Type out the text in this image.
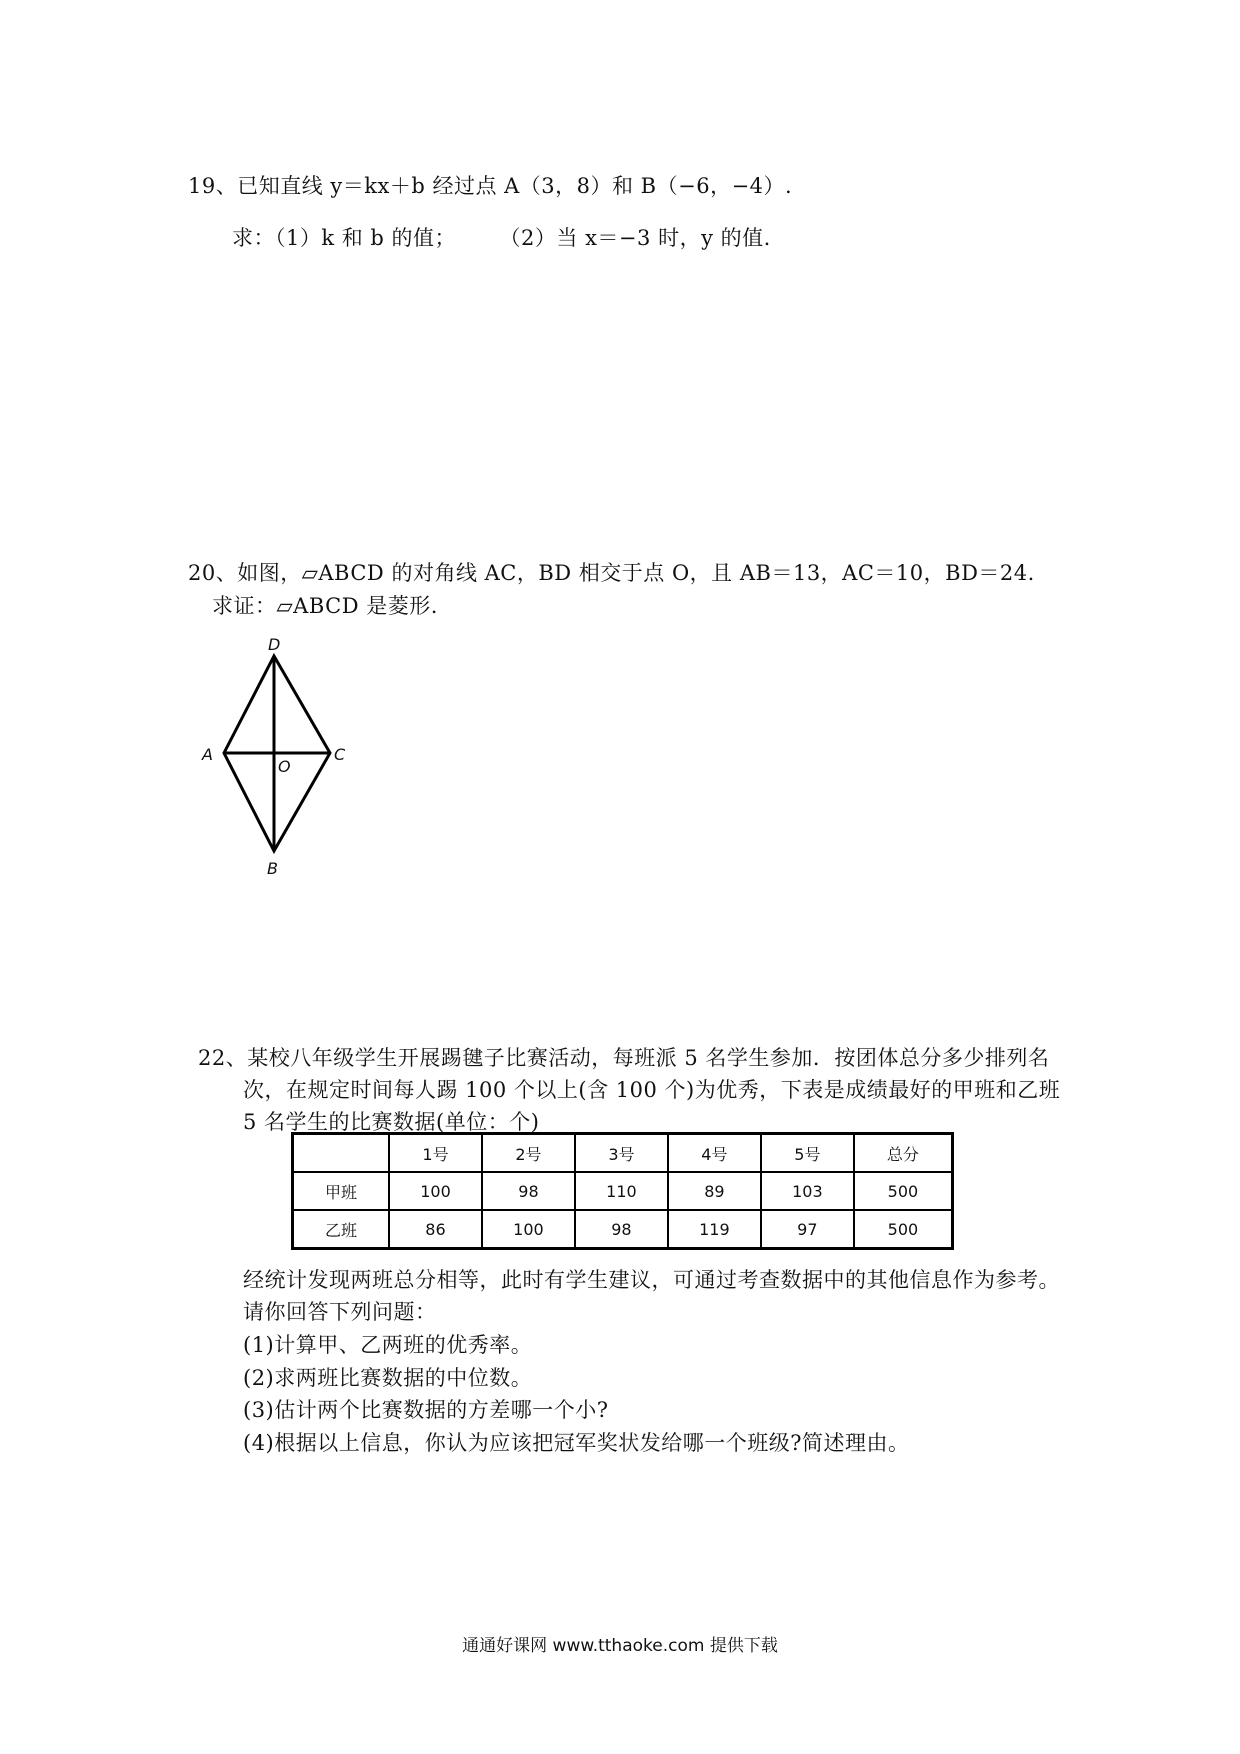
19、已知直线 y＝kx＋b 经过点 A（3，8）和 B（−6，−4）.
求：（1）k 和 b 的值；　　　（2）当 x＝−3 时，y 的值.
20、如图，▱ABCD 的对角线 AC，BD 相交于点 O，且 AB＝13，AC＝10，BD＝24.
求证：▱ABCD 是菱形.
D
A
O
C
B
22、某校八年级学生开展踢毽子比赛活动，每班派 5 名学生参加．按团体总分多少排列名
次，在规定时间每人踢 100 个以上(含 100 个)为优秀，下表是成绩最好的甲班和乙班
5 名学生的比赛数据(单位：个)
	1号	2号	3号	4号	5号	总分
甲班	100	98	110	89	103	500
乙班	86	100	98	119	97	500
经统计发现两班总分相等，此时有学生建议，可通过考查数据中的其他信息作为参考。
请你回答下列问题：
(1)计算甲、乙两班的优秀率。
(2)求两班比赛数据的中位数。
(3)估计两个比赛数据的方差哪一个小?
(4)根据以上信息，你认为应该把冠军奖状发给哪一个班级?简述理由。
通通好课网 www.tthaoke.com 提供下载
